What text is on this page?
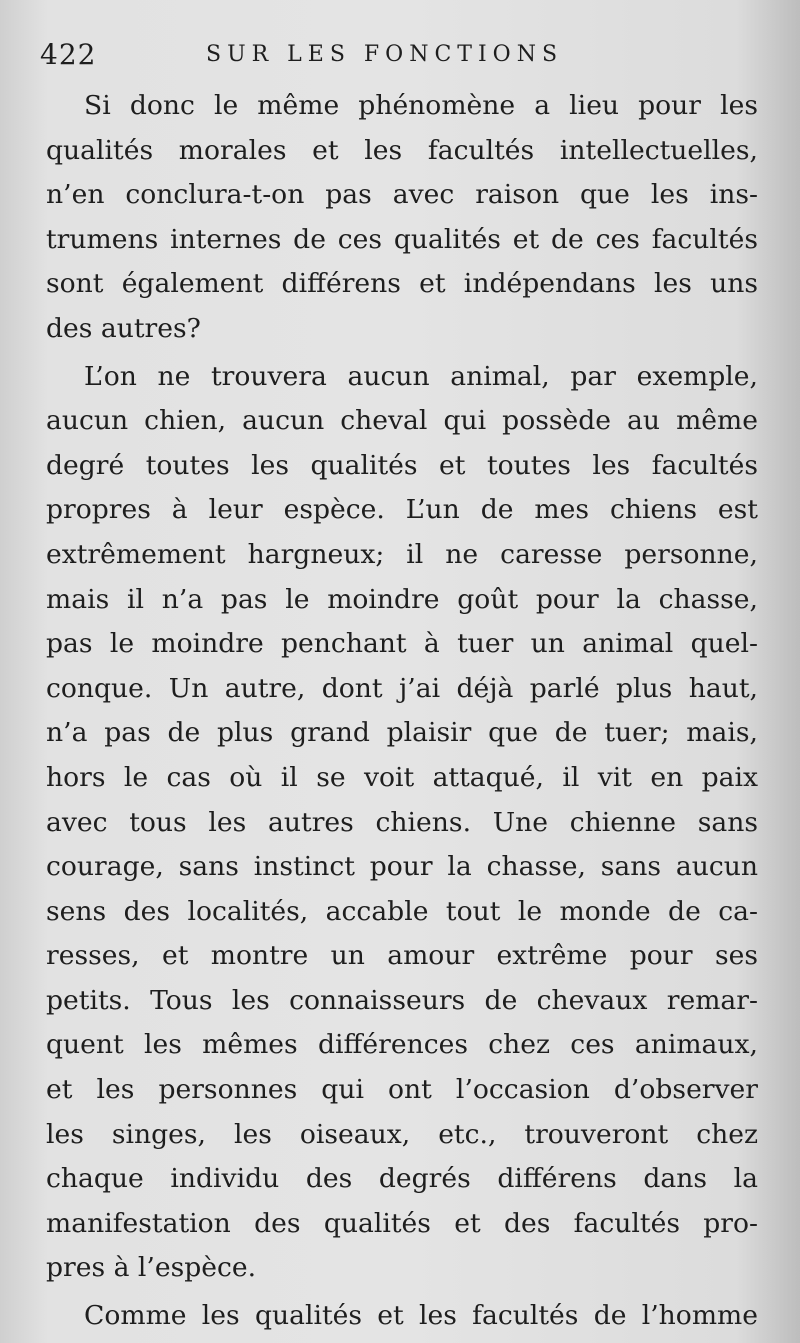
422	SUR LES FONCTIONS
Si donc le même phénomène a lieu pour les
qualités morales et les facultés intellectuelles,
n’en conclura-t-on pas avec raison que les ins-
trumens internes de ces qualités et de ces facultés
sont également différens et indépendans les uns
des autres?
L’on ne trouvera aucun animal, par exemple,
aucun chien, aucun cheval qui possède au même
degré toutes les qualités et toutes les facultés
propres à leur espèce. L’un de mes chiens est
extrêmement hargneux; il ne caresse personne,
mais il n’a pas le moindre goût pour la chasse,
pas le moindre penchant à tuer un animal quel-
conque. Un autre, dont j’ai déjà parlé plus haut,
n’a pas de plus grand plaisir que de tuer; mais,
hors le cas où il se voit attaqué, il vit en paix
avec tous les autres chiens. Une chienne sans
courage, sans instinct pour la chasse, sans aucun
sens des localités, accable tout le monde de ca-
resses, et montre un amour extrême pour ses
petits. Tous les connaisseurs de chevaux remar-
quent les mêmes différences chez ces animaux,
et les personnes qui ont l’occasion d’observer
les singes, les oiseaux, etc., trouveront chez
chaque individu des degrés différens dans la
manifestation des qualités et des facultés pro-
pres à l’espèce.
Comme les qualités et les facultés de l’homme
